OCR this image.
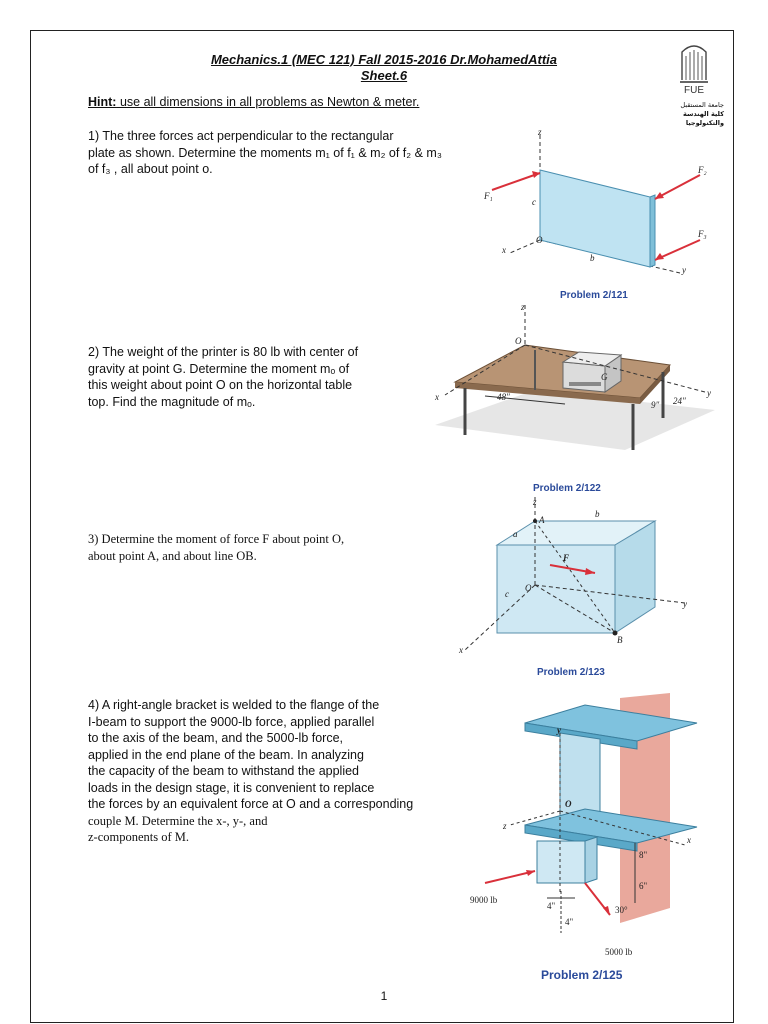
Mechanics.1 (MEC 121) Fall 2015-2016 Dr.MohamedAttia
Sheet.6
FUE
جامعة المستقبل
كلية الهندسة والتكنولوجيا
Hint: use all dimensions in all problems as Newton & meter.
1) The three forces act perpendicular to the rectangular
plate as shown. Determine the moments m₁ of f₁ & m₂ of f₂ & m₃
of f₃ , all about point o.
z
x
y
O
b
c
F₁
F₂
F₃
Problem 2/121
2) The weight of the printer is 80 lb with center of
gravity at point G. Determine the moment mₒ of
this weight about point O on the horizontal table
top. Find the magnitude of mₒ.
z
x	y
O
G
48"
9" 24"
Problem 2/122
3) Determine the moment of force F about point O,
about point A, and about line OB.
z
x
y
O
A
B
a
b
c
F
Problem 2/123
4) A right-angle bracket is welded to the flange of the
I-beam to support the 9000-lb force, applied parallel
to the axis of the beam, and the 5000-lb force,
applied in the end plane of the beam. In analyzing
the capacity of the beam to withstand the applied
loads in the design stage, it is convenient to replace
the forces by an equivalent force at O and a corresponding
couple M. Determine the x-, y-, and
z-components of M.
y
z
x
O
9000 lb
5000 lb
8"
6"
4"
4"
30°
Problem 2/125
1
